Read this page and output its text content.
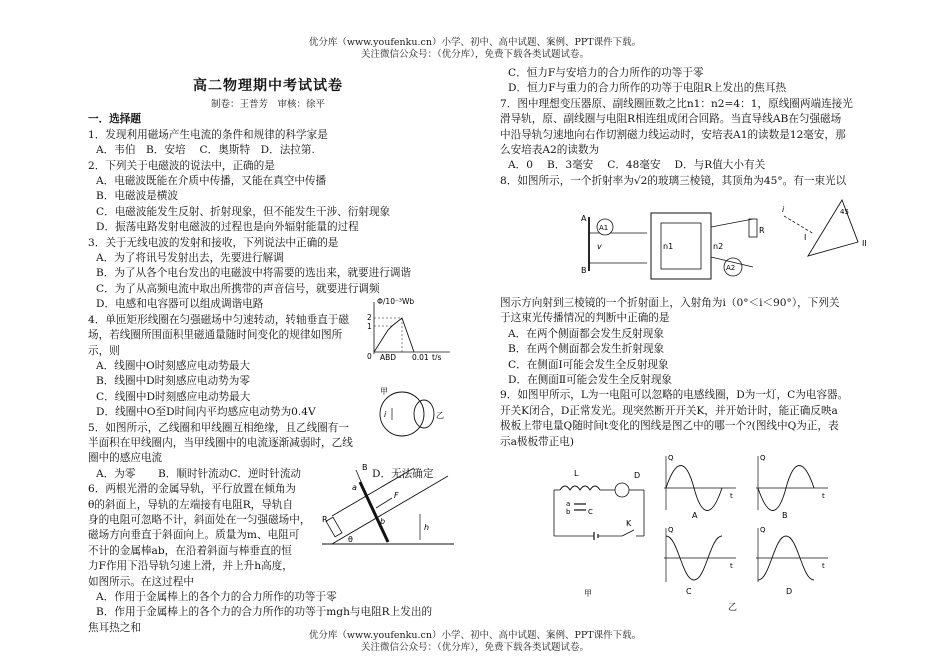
优分库（www.youfenku.cn）小学、初中、高中试题、案例、PPT课件下载。
关注微信公众号：（优分库），免费下载各类试题试卷。

高二物理期中考试试卷

制卷：王普芳　审核：徐平

一．选择题

1．发现利用磁场产生电流的条件和规律的科学家是

A．韦伯　B．安培　 C．奥斯特　D．法拉第.

2．下列关于电磁波的说法中，正确的是

A．电磁波既能在介质中传播，又能在真空中传播

B．电磁波是横波

C．电磁波能发生反射、折射现象，但不能发生干涉、衍射现象

D．振荡电路发射电磁波的过程也是向外辐射能量的过程

3．关于无线电波的发射和接收，下列说法中正确的是

A．为了将讯号发射出去，先要进行解调

B．为了从各个电台发出的电磁波中将需要的选出来，就要进行调谐

C．为了从高频电流中取出所携带的声音信号，就要进行调频

D．电感和电容器可以组成调谐电路

4．单匝矩形线圈在匀强磁场中匀速转动，转轴垂直于磁

场，若线圈所围面积里磁通量随时间变化的规律如图所

示，则

A．线圈中O时刻感应电动势最大

B．线圈中D时刻感应电动势为零

C．线圈中D时刻感应电动势最大

D．线圈中O至D时间内平均感应电动势为0.4V

5．如图所示，乙线圈和甲线圈互相绝缘，且乙线圈有一

半面积在甲线圈内，当甲线圈中的电流逐渐减弱时，乙线

圈中的感应电流

A．为零 B．顺时针流动C．逆时针流动	D．无法确定

6．两根光滑的金属导轨，平行放置在倾角为

θ的斜面上，导轨的左端接有电阻R，导轨自

身的电阻可忽略不计，斜面处在一匀强磁场中，

磁场方向垂直于斜面向上。质量为m、电阻可

不计的金属棒ab，在沿着斜面与棒垂直的恒

力F作用下沿导轨匀速上滑，并上升h高度，

如图所示。在这过程中

A．作用于金属棒上的各个力的合力所作的功等于零

B．作用于金属棒上的各个力的合力所作的功等于mgh与电阻R上发出的

焦耳热之和

C．恒力F与安培力的合力所作的功等于零

D．恒力F与重力的合力所作的功等于电阻R上发出的焦耳热

7．图中理想变压器原、副线圈匝数之比n1：n2=4：1，原线圈两端连接光

滑导轨，原、副线圈与电阻R相连组成闭合回路。当直导线AB在匀强磁场

中沿导轨匀速地向右作切割磁力线运动时，安培表A1的读数是12毫安，那

么安培表A2的读数为

A．0　 B．3毫安　 C．48毫安　 D．与R值大小有关

8．如图所示，一个折射率为√2的玻璃三棱镜，其顶角为45°。有一束光以

图示方向射到三棱镜的一个折射面上，入射角为i（0°＜i＜90°），下列关

于这束光传播情况的判断中正确的是

A．在两个侧面都会发生反射现象

B．在两个侧面都会发生折射现象

C．在侧面Ⅰ可能会发生全反射现象

D．在侧面Ⅱ可能会发生全反射现象

9．如图甲所示，L为一电阻可以忽略的电感线圈，D为一灯，C为电容器。

开关K闭合，D正常发光。现突然断开开关K，并开始计时，能正确反映a

极板上带电量Q随时间t变化的图线是图乙中的哪一个?(图线中Q为正，表

示a极板带正电)

Φ/10⁻³Wb
2
1
0 ABD 0.01 t/s
甲
乙
i
B
a
b
F
R
h
θ
A
B
A1
A2
n1	n2
R
v
45
i
I
II
L	D
a
b	C
K
甲
Q
t
A
Q
t
B
Q
t
C
Q
t
D
乙
优分库（www.youfenku.cn）小学、初中、高中试题、案例、PPT课件下载。
关注微信公众号：（优分库），免费下载各类试题试卷。
